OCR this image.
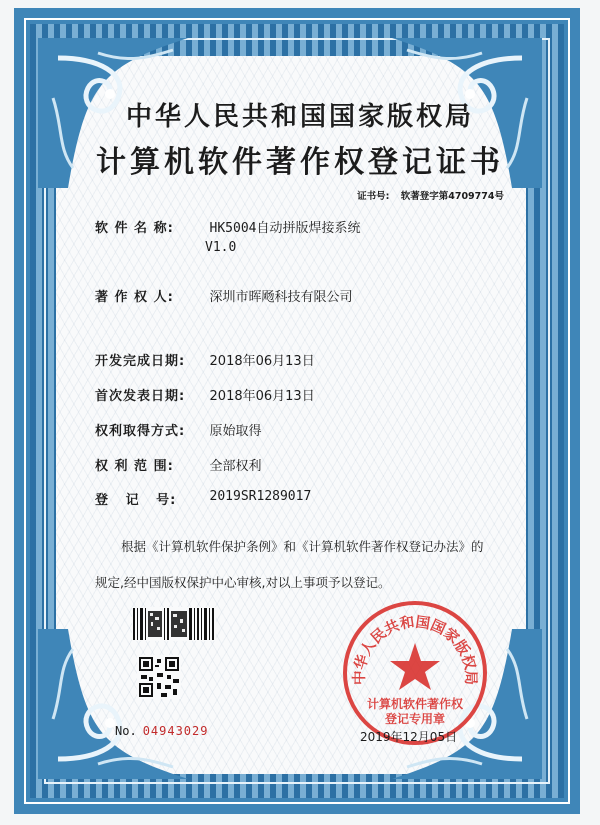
中华人民共和国国家版权局
计算机软件著作权登记证书
证书号: 软著登字第4709774号
软 件 名 称:	HK5004自动拼版焊接系统
V1.0
著 作 权 人:	深圳市晖飏科技有限公司
开发完成日期: 2018年06月13日
首次发表日期: 2018年06月13日
权利取得方式: 原始取得
权 利 范 围:	全部权利
登   记   号:	2019SR1289017
根据《计算机软件保护条例》和《计算机软件著作权登记办法》的
规定,经中国版权保护中心审核,对以上事项予以登记。
No. 04943029
中华人民共和国国家版权局
计算机软件著作权
登记专用章
2019年12月05日
